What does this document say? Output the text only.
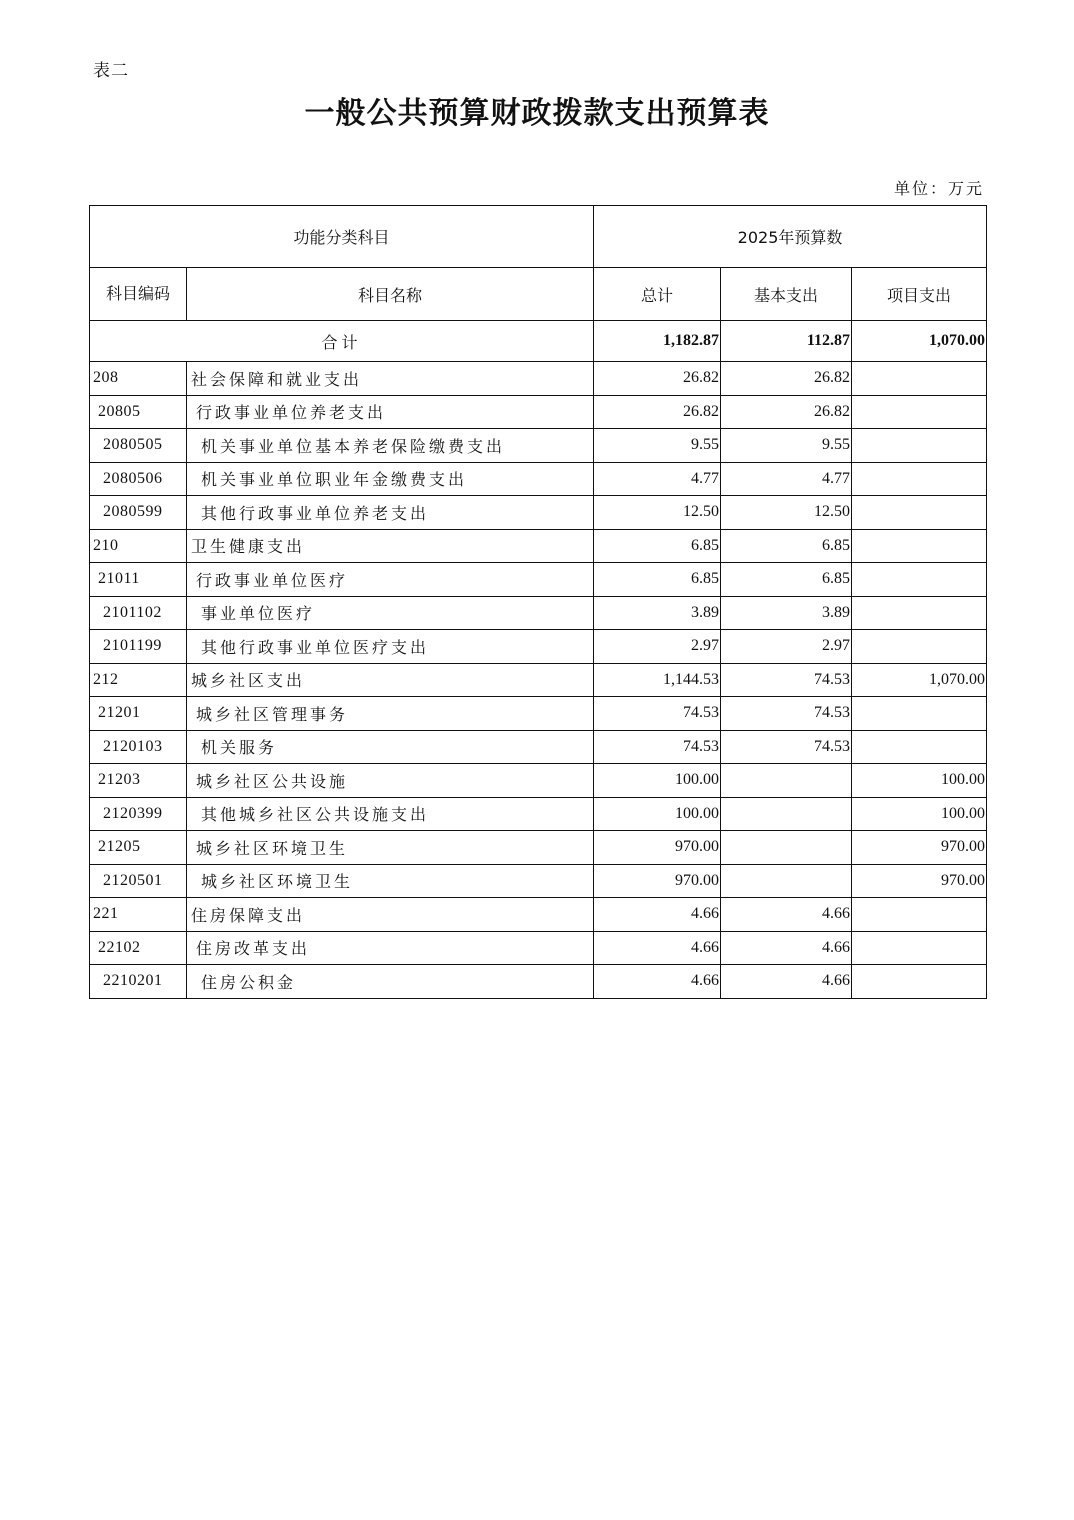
表二
一般公共预算财政拨款支出预算表
单位：万元
功能分类科目		2025年预算数		
科目编码	科目名称	总计	基本支出	项目支出
合计		1,182.87	112.87	1,070.00
208	社会保障和就业支出	26.82	26.82	
20805	行政事业单位养老支出	26.82	26.82	
2080505	机关事业单位基本养老保险缴费支出	9.55	9.55	
2080506	机关事业单位职业年金缴费支出	4.77	4.77	
2080599	其他行政事业单位养老支出	12.50	12.50	
210	卫生健康支出	6.85	6.85	
21011	行政事业单位医疗	6.85	6.85	
2101102	事业单位医疗	3.89	3.89	
2101199	其他行政事业单位医疗支出	2.97	2.97	
212	城乡社区支出	1,144.53	74.53	1,070.00
21201	城乡社区管理事务	74.53	74.53	
2120103	机关服务	74.53	74.53	
21203	城乡社区公共设施	100.00		100.00
2120399	其他城乡社区公共设施支出	100.00		100.00
21205	城乡社区环境卫生	970.00		970.00
2120501	城乡社区环境卫生	970.00		970.00
221	住房保障支出	4.66	4.66	
22102	住房改革支出	4.66	4.66	
2210201	住房公积金	4.66	4.66	
